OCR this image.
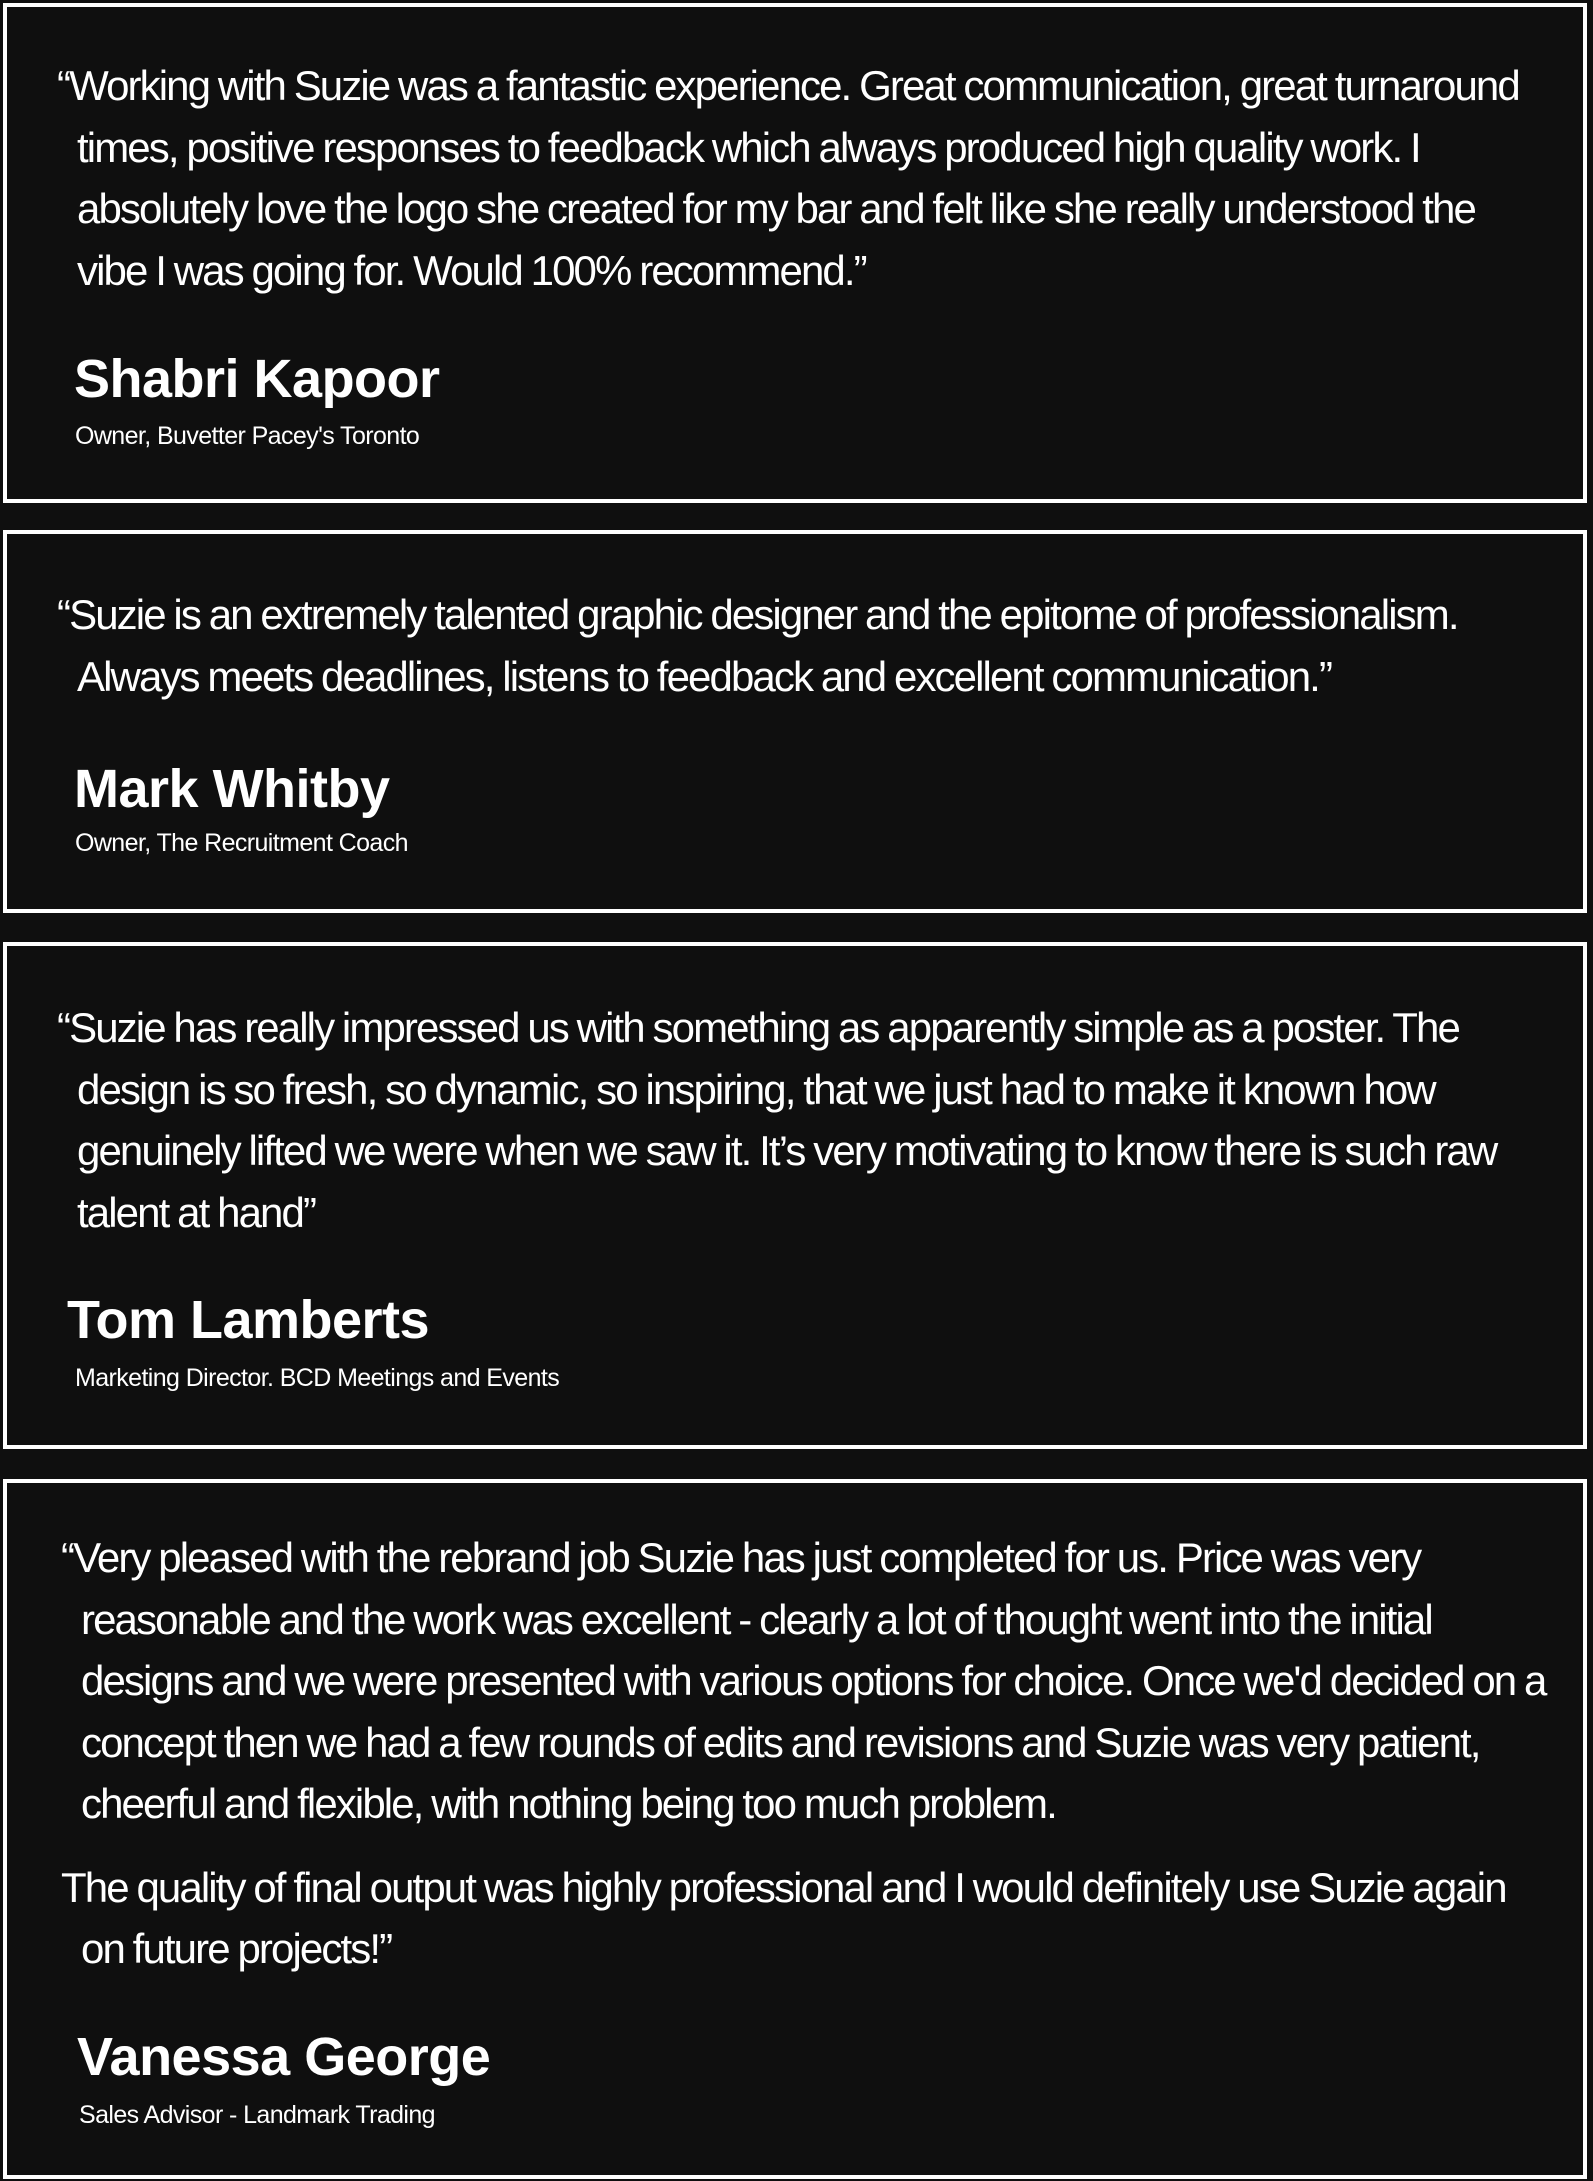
“Working with Suzie was a fantastic experience. Great communication, great turnaround times, positive responses to feedback which always produced high quality work. I absolutely love the logo she created for my bar and felt like she really understood the vibe I was going for. Would 100% recommend.”

Shabri Kapoor
Owner, Buvetter Pacey's Toronto

“Suzie is an extremely talented graphic designer and the epitome of professionalism. Always meets deadlines, listens to feedback and excellent communication.”

Mark Whitby
Owner, The Recruitment Coach

“Suzie has really impressed us with something as apparently simple as a poster. The design is so fresh, so dynamic, so inspiring, that we just had to make it known how genuinely lifted we were when we saw it. It’s very motivating to know there is such raw talent at hand”

Tom Lamberts
Marketing Director. BCD Meetings and Events

“Very pleased with the rebrand job Suzie has just completed for us. Price was very reasonable and the work was excellent - clearly a lot of thought went into the initial designs and we were presented with various options for choice. Once we'd decided on a concept then we had a few rounds of edits and revisions and Suzie was very patient, cheerful and flexible, with nothing being too much problem.

The quality of final output was highly professional and I would definitely use Suzie again on future projects!”

Vanessa George
Sales Advisor - Landmark Trading
